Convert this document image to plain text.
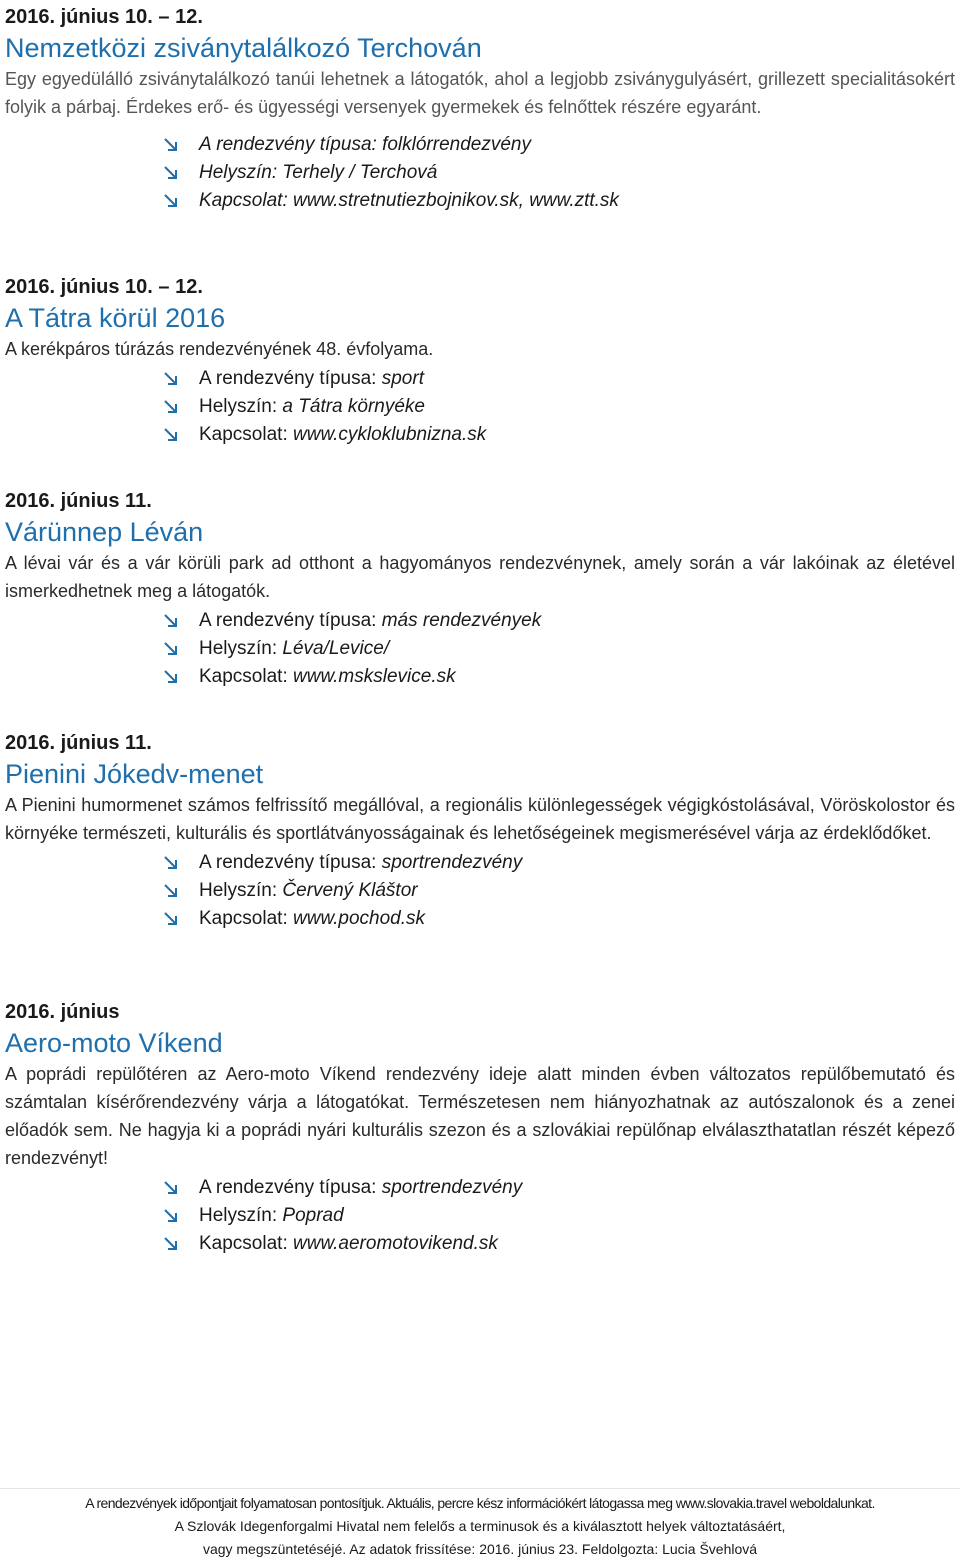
2016. június 10. – 12.
Nemzetközi zsiványtalálkozó Terchován

Egy egyedülálló zsiványtalálkozó tanúi lehetnek a látogatók, ahol a legjobb zsiványgulyásért, grillezett specialitásokért folyik a párbaj. Érdekes erő- és ügyességi versenyek gyermekek és felnőttek részére egyaránt.

A rendezvény típusa: folklórrendezvény
Helyszín: Terhely / Terchová
Kapcsolat: www.stretnutiezbojnikov.sk, www.ztt.sk
2016. június 10. – 12.
A Tátra körül 2016

A kerékpáros túrázás rendezvényének 48. évfolyama.

A rendezvény típusa: sport
Helyszín: a Tátra környéke
Kapcsolat: www.cykloklubnizna.sk
2016. június 11.
Várünnep Léván

A lévai vár és a vár körüli park ad otthont a hagyományos rendezvénynek, amely során a vár lakóinak az életével ismerkedhetnek meg a látogatók.

A rendezvény típusa: más rendezvények
Helyszín: Léva/Levice/
Kapcsolat: www.mskslevice.sk
2016. június 11.
Pienini Jókedv-menet

A Pienini humormenet számos felfrissítő megállóval, a regionális különlegességek végigkóstolásával, Vöröskolostor és környéke természeti, kulturális és sportlátványosságainak és lehetőségeinek megismerésével várja az érdeklődőket.

A rendezvény típusa: sportrendezvény
Helyszín: Červený Kláštor
Kapcsolat: www.pochod.sk
2016. június
Aero-moto Víkend

A poprádi repülőtéren az Aero-moto Víkend rendezvény ideje alatt minden évben változatos repülőbemutató és számtalan kísérőrendezvény várja a látogatókat. Természetesen nem hiányozhatnak az autószalonok és a zenei előadók sem. Ne hagyja ki a poprádi nyári kulturális szezon és a szlovákiai repülőnap elválaszthatatlan részét képező rendezvényt!

A rendezvény típusa: sportrendezvény
Helyszín: Poprad
Kapcsolat: www.aeromotovikend.sk
A rendezvények időpontjait folyamatosan pontosítjuk. Aktuális, percre kész információkért látogassa meg www.slovakia.travel weboldalunkat.
A Szlovák Idegenforgalmi Hivatal nem felelős a terminusok és a kiválasztott helyek változtatásáért,
vagy megszüntetéséjé. Az adatok frissítése: 2016. június 23. Feldolgozta: Lucia Švehlová
